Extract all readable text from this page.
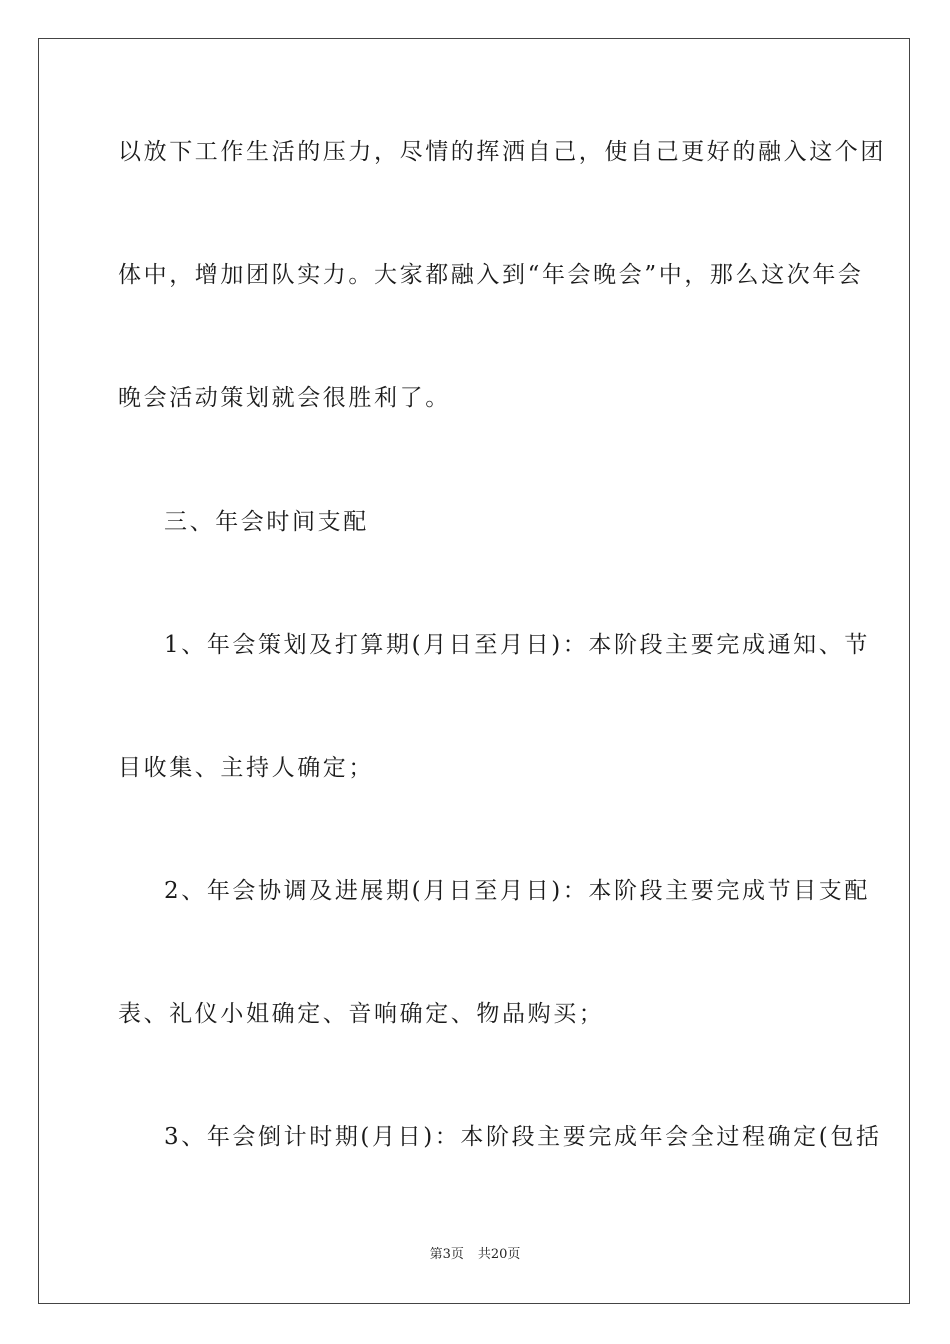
以放下工作生活的压力，尽情的挥洒自己，使自己更好的融入这个团

体中，增加团队实力。大家都融入到“年会晚会”中，那么这次年会

晚会活动策划就会很胜利了。

三、年会时间支配

1、年会策划及打算期(月日至月日)：本阶段主要完成通知、节

目收集、主持人确定；

2、年会协调及进展期(月日至月日)：本阶段主要完成节目支配

表、礼仪小姐确定、音响确定、物品购买；

3、年会倒计时期(月日)：本阶段主要完成年会全过程确定(包括

第3页 共20页
